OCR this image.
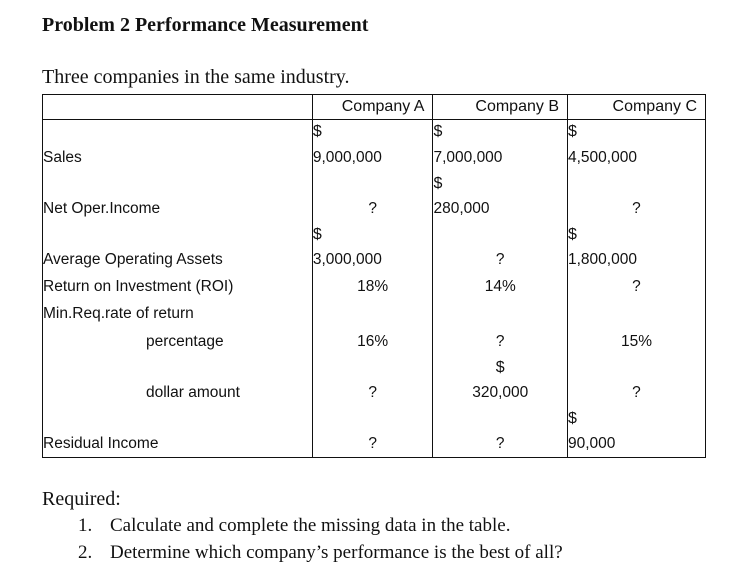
Problem 2 Performance Measurement
Three companies in the same industry.
	Company A	Company B	Company C
	$	$	$
Sales	9,000,000	7,000,000	4,500,000
		$	
Net Oper.Income	?	280,000	?
	$		$
Average Operating Assets	3,000,000	?	1,800,000
Return on Investment (ROI)	18%	14%	?
Min.Req.rate of return			
percentage	16%	?	15%
		$	
dollar amount	?	320,000	?
			$
Residual Income	?	?	90,000
Required:
1. Calculate and complete the missing data in the table.
2. Determine which company’s performance is the best of all?
